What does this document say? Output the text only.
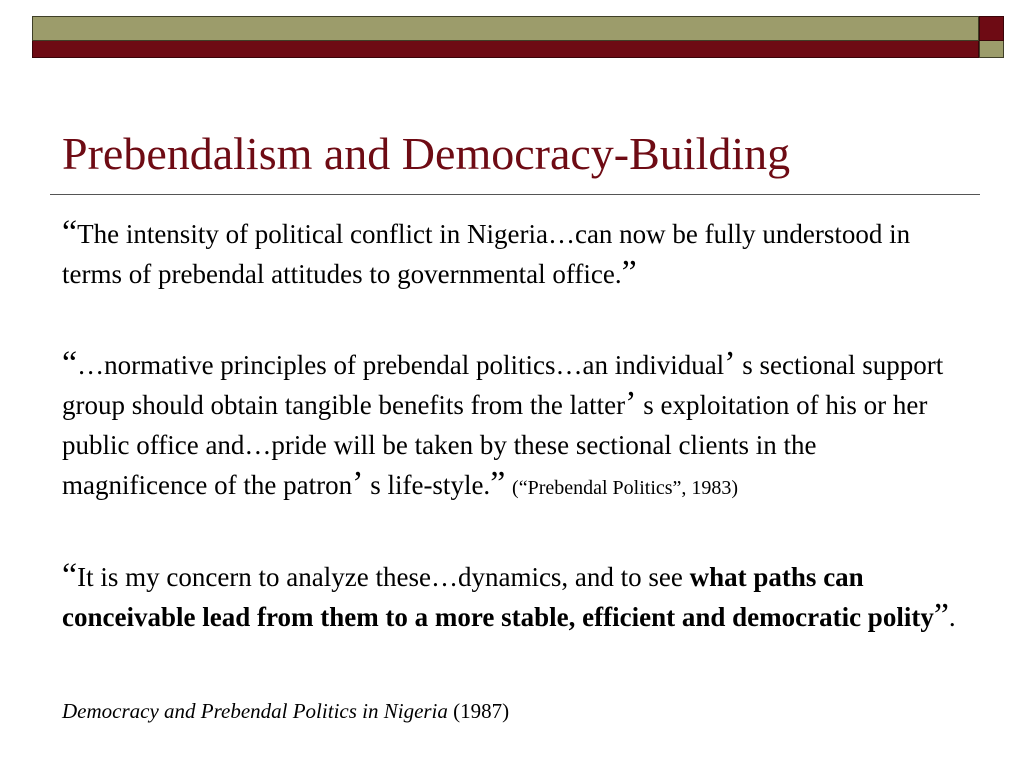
Prebendalism and Democracy-Building

“The intensity of political conflict in Nigeria…can now be fully understood in terms of prebendal attitudes to governmental office.”

“…normative principles of prebendal politics…an individual’ s sectional support group should obtain tangible benefits from the latter’ s exploitation of his or her public office and…pride will be taken by these sectional clients in the magnificence of the patron’ s life-style.” (“Prebendal Politics”, 1983)

“It is my concern to analyze these…dynamics, and to see what paths can conceivable lead from them to a more stable, efficient and democratic polity”.

Democracy and Prebendal Politics in Nigeria (1987)
